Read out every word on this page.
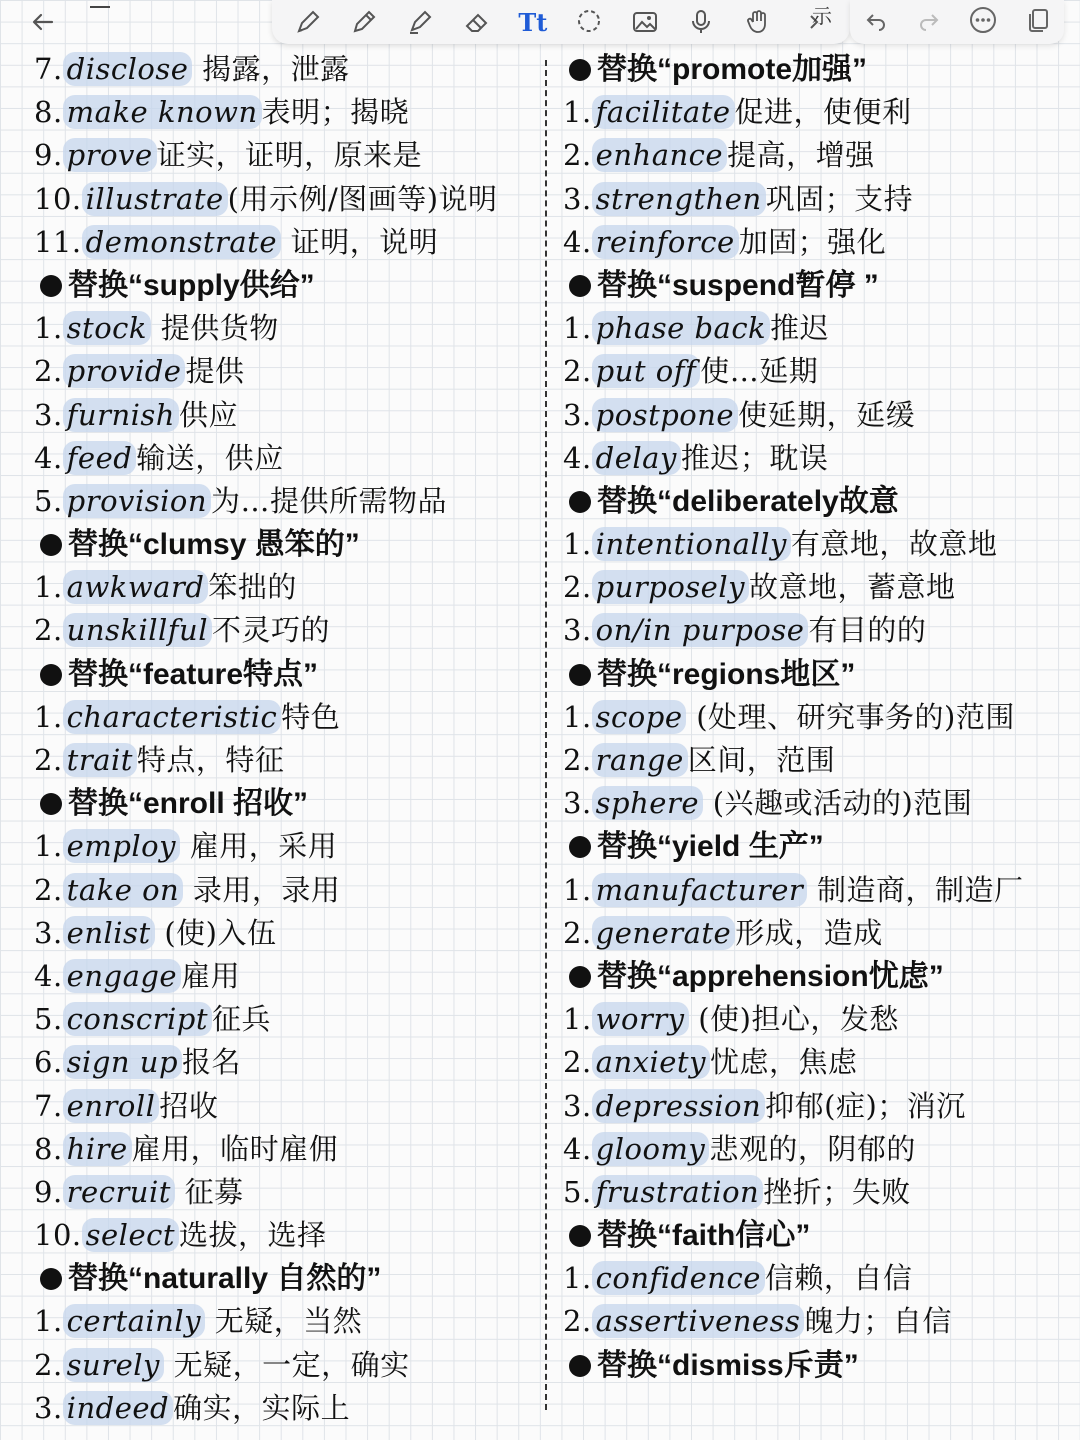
Tt	示
7. disclose 揭露，泄露
8. make known 表明；揭晓
9. prove 证实，证明，原来是
10. illustrate (用示例/图画等)说明
11. demonstrate 证明，说明
替换“supply供给”
1. stock 提供货物
2. provide 提供
3. furnish 供应
4. feed 输送，供应
5. provision 为…提供所需物品
替换“clumsy 愚笨的”
1. awkward 笨拙的
2. unskillful 不灵巧的
替换“feature特点”
1. characteristic 特色
2. trait 特点，特征
替换“enroll 招收”
1. employ 雇用，采用
2. take on 录用，录用
3. enlist (使)入伍
4. engage 雇用
5. conscript 征兵
6. sign up 报名
7. enroll 招收
8. hire 雇用，临时雇佣
9. recruit 征募
10. select 选拔，选择
替换“naturally 自然的”
1. certainly 无疑，当然
2. surely 无疑，一定，确实
3. indeed 确实，实际上
替换“promote加强”
1. facilitate 促进，使便利
2. enhance 提高，增强
3. strengthen 巩固；支持
4. reinforce 加固；强化
替换“suspend暂停 ”
1. phase back 推迟
2. put off 使…延期
3. postpone 使延期，延缓
4. delay 推迟；耽误
替换“deliberately故意
1. intentionally 有意地，故意地
2. purposely 故意地，蓄意地
3. on/in purpose 有目的的
替换“regions地区”
1. scope (处理、研究事务的)范围
2. range 区间，范围
3. sphere (兴趣或活动的)范围
替换“yield 生产”
1. manufacturer 制造商，制造厂
2. generate 形成，造成
替换“apprehension忧虑”
1. worry (使)担心，发愁
2. anxiety 忧虑，焦虑
3. depression 抑郁(症)；消沉
4. gloomy 悲观的，阴郁的
5. frustration 挫折；失败
替换“faith信心”
1. confidence 信赖，自信
2. assertiveness 魄力；自信
替换“dismiss斥责”
